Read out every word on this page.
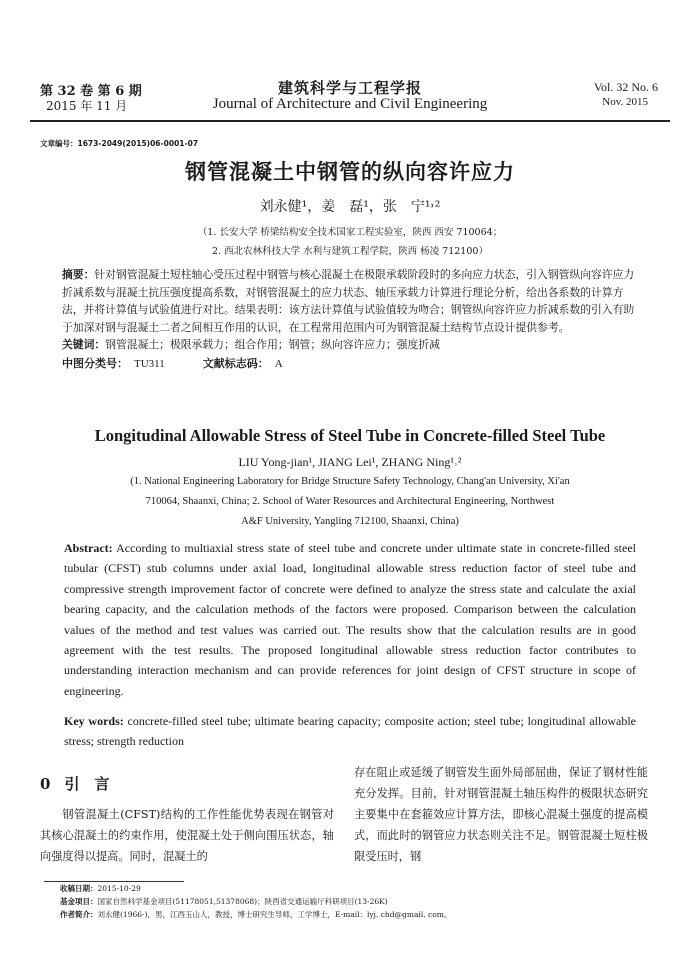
第 32 卷 第 6 期
2015 年 11 月
建筑科学与工程学报
Journal of Architecture and Civil Engineering
Vol. 32 No. 6
Nov. 2015
文章编号：1673-2049(2015)06-0001-07
钢管混凝土中钢管的纵向容许应力
刘永健¹，姜　磊¹，张　宁¹˒²
（1. 长安大学 桥梁结构安全技术国家工程实验室，陕西 西安 710064；
2. 西北农林科技大学 水利与建筑工程学院，陕西 杨凌 712100）
摘要：针对钢管混凝土短柱轴心受压过程中钢管与核心混凝土在极限承载阶段时的多向应力状态，引入钢管纵向容许应力折减系数与混凝土抗压强度提高系数，对钢管混凝土的应力状态、轴压承载力计算进行理论分析，给出各系数的计算方法，并将计算值与试验值进行对比。结果表明：该方法计算值与试验值较为吻合；钢管纵向容许应力折减系数的引入有助于加深对钢与混凝土二者之间相互作用的认识，在工程常用范围内可为钢管混凝土结构节点设计提供参考。
关键词：钢管混凝土；极限承载力；组合作用；钢管；纵向容许应力；强度折减
中图分类号： TU311	文献标志码： A
Longitudinal Allowable Stress of Steel Tube in Concrete-filled Steel Tube
LIU Yong-jian¹, JIANG Lei¹, ZHANG Ning¹˒²
(1. National Engineering Laboratory for Bridge Structure Safety Technology, Chang'an University, Xi'an
710064, Shaanxi, China; 2. School of Water Resources and Architectural Engineering, Northwest
A&F University, Yangling 712100, Shaanxi, China)
Abstract: According to multiaxial stress state of steel tube and concrete under ultimate state in concrete-filled steel tubular (CFST) stub columns under axial load, longitudinal allowable stress reduction factor of steel tube and compressive strength improvement factor of concrete were defined to analyze the stress state and calculate the axial bearing capacity, and the calculation methods of the factors were proposed. Comparison between the calculation values of the method and test values was carried out. The results show that the calculation results are in good agreement with the test results. The proposed longitudinal allowable stress reduction factor contributes to understanding interaction mechanism and can provide references for joint design of CFST structure in scope of engineering.
Key words: concrete-filled steel tube; ultimate bearing capacity; composite action; steel tube; longitudinal allowable stress; strength reduction
0 引　言
钢管混凝土(CFST)结构的工作性能优势表现在钢管对其核心混凝土的约束作用，使混凝土处于侧向围压状态，轴向强度得以提高。同时，混凝土的
存在阻止或延缓了钢管发生面外局部屈曲，保证了钢材性能充分发挥。目前，针对钢管混凝土轴压构件的极限状态研究主要集中在套箍效应计算方法，即核心混凝土强度的提高模式，而此时的钢管应力状态则关注不足。钢管混凝土短柱极限受压时，钢
收稿日期：2015-10-29
基金项目：国家自然科学基金项目(51178051,51378068)；陕西省交通运输厅科研项目(13-26K)
作者简介：刘永健(1966-)，男，江西玉山人，教授，博士研究生导师，工学博士，E-mail：lyj. chd@gmail. com。
